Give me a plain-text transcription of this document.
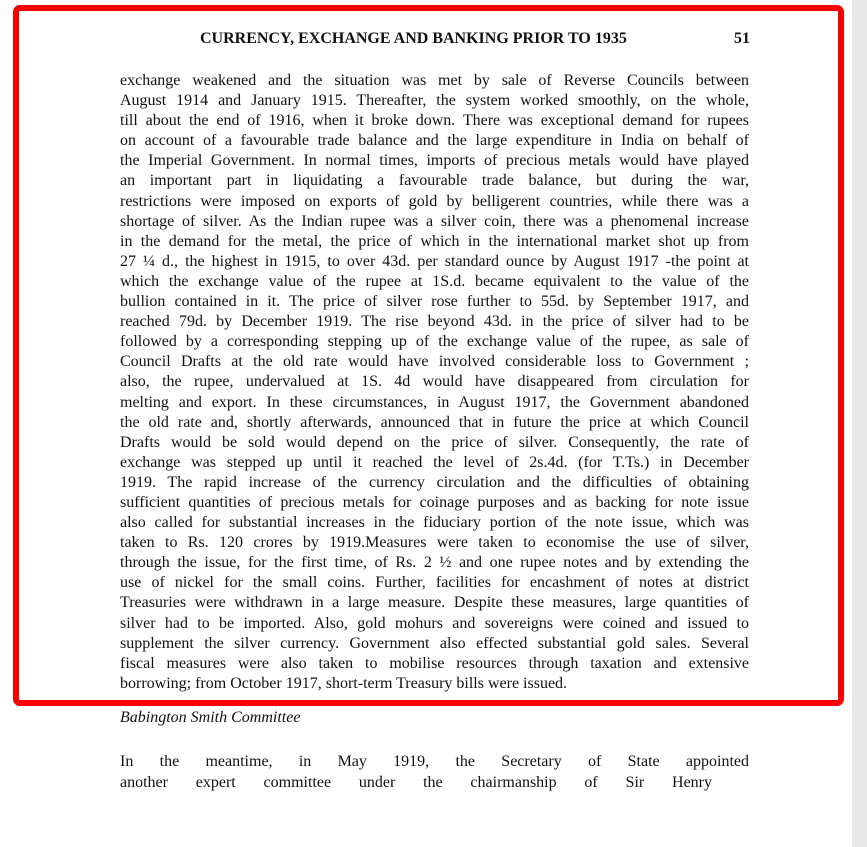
CURRENCY, EXCHANGE AND BANKING PRIOR TO 1935	51
exchange weakened and the situation was met by sale of Reverse Councils between
August 1914 and January 1915. Thereafter, the system worked smoothly, on the whole,
till about the end of 1916, when it broke down. There was exceptional demand for rupees
on account of a favourable trade balance and the large expenditure in India on behalf of
the Imperial Government. In normal times, imports of precious metals would have played
an important part in liquidating a favourable trade balance, but during the war,
restrictions were imposed on exports of gold by belligerent countries, while there was a
shortage of silver. As the Indian rupee was a silver coin, there was a phenomenal increase
in the demand for the metal, the price of which in the international market shot up from
27 ¼ d., the highest in 1915, to over 43d. per standard ounce by August 1917 -the point at
which the exchange value of the rupee at 1S.d. became equivalent to the value of the
bullion contained in it. The price of silver rose further to 55d. by September 1917, and
reached 79d. by December 1919. The rise beyond 43d. in the price of silver had to be
followed by a corresponding stepping up of the exchange value of the rupee, as sale of
Council Drafts at the old rate would have involved considerable loss to Government ;
also, the rupee, undervalued at 1S. 4d would have disappeared from circulation for
melting and export. In these circumstances, in August 1917, the Government abandoned
the old rate and, shortly afterwards, announced that in future the price at which Council
Drafts would be sold would depend on the price of silver. Consequently, the rate of
exchange was stepped up until it reached the level of 2s.4d. (for T.Ts.) in December
1919. The rapid increase of the currency circulation and the difficulties of obtaining
sufficient quantities of precious metals for coinage purposes and as backing for note issue
also called for substantial increases in the fiduciary portion of the note issue, which was
taken to Rs. 120 crores by 1919.Measures were taken to economise the use of silver,
through the issue, for the first time, of Rs. 2 ½ and one rupee notes and by extending the
use of nickel for the small coins. Further, facilities for encashment of notes at district
Treasuries were withdrawn in a large measure. Despite these measures, large quantities of
silver had to be imported. Also, gold mohurs and sovereigns were coined and issued to
supplement the silver currency. Government also effected substantial gold sales. Several
fiscal measures were also taken to mobilise resources through taxation and extensive
borrowing; from October 1917, short-term Treasury bills were issued.
Babington Smith Committee
In the meantime, in May 1919, the Secretary of State appointed
another expert committee under the chairmanship of Sir Henry
